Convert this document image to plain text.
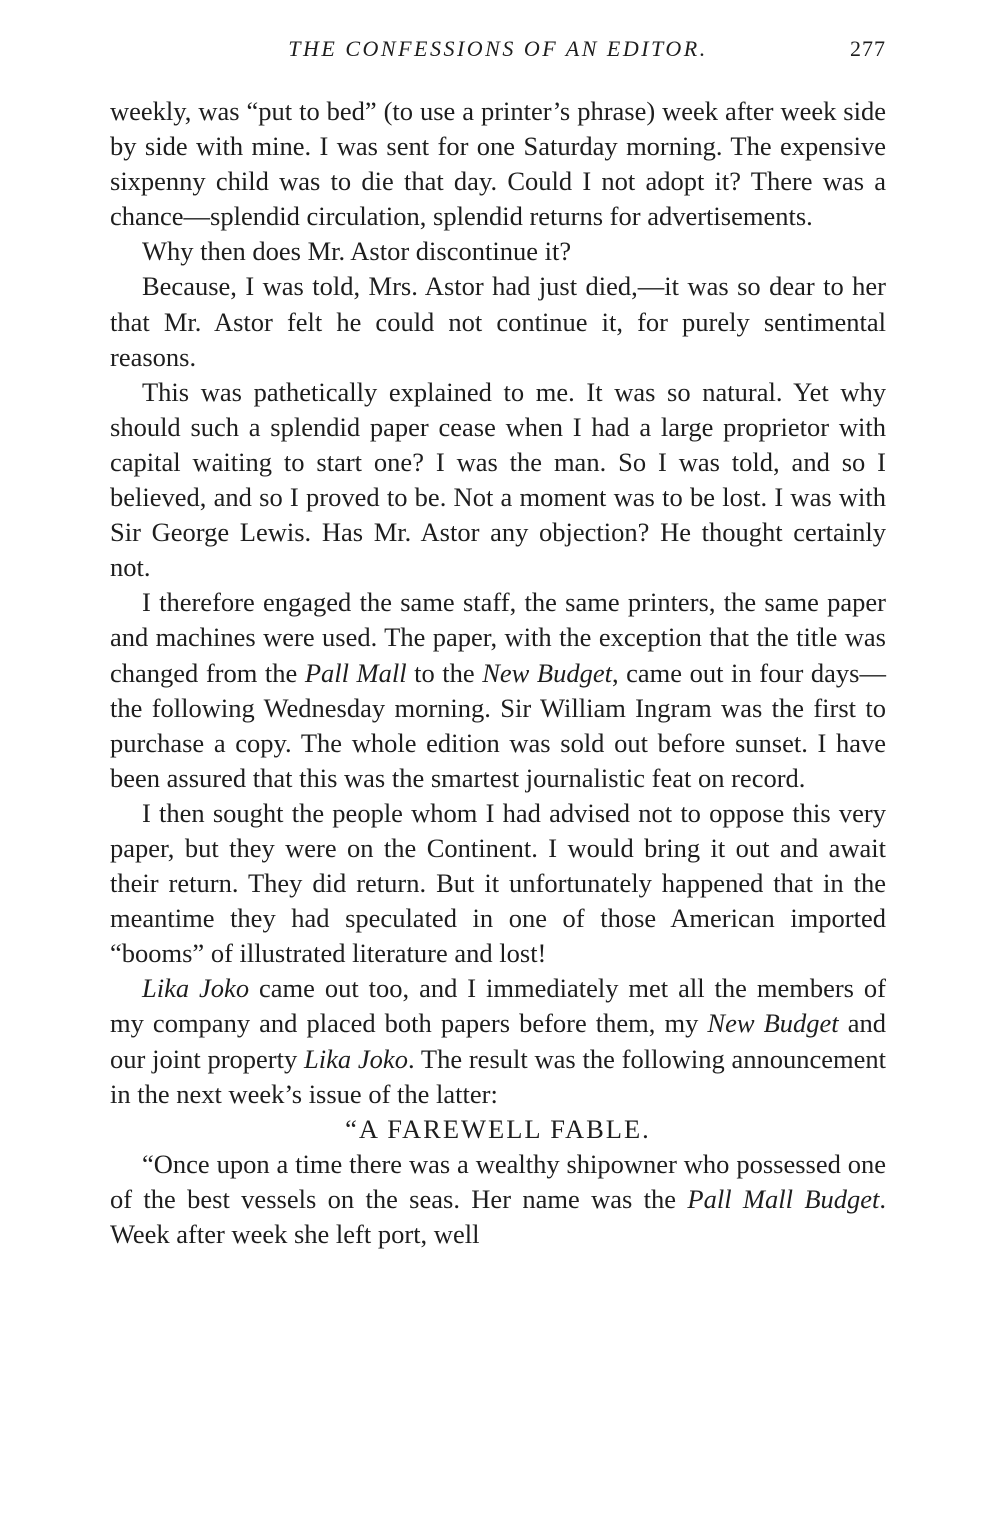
THE CONFESSIONS OF AN EDITOR.	277

weekly, was “put to bed” (to use a printer’s phrase) week after week side by side with mine. I was sent for one Saturday morning. The expensive sixpenny child was to die that day. Could I not adopt it? There was a chance—splendid circulation, splendid returns for advertisements.

Why then does Mr. Astor discontinue it?

Because, I was told, Mrs. Astor had just died,—it was so dear to her that Mr. Astor felt he could not continue it, for purely sentimental reasons.

This was pathetically explained to me. It was so natural. Yet why should such a splendid paper cease when I had a large proprietor with capital waiting to start one? I was the man. So I was told, and so I believed, and so I proved to be. Not a moment was to be lost. I was with Sir George Lewis. Has Mr. Astor any objection? He thought certainly not.

I therefore engaged the same staff, the same printers, the same paper and machines were used. The paper, with the exception that the title was changed from the Pall Mall to the New Budget, came out in four days—the following Wednesday morning. Sir William Ingram was the first to purchase a copy. The whole edition was sold out before sunset. I have been assured that this was the smartest journalistic feat on record.

I then sought the people whom I had advised not to oppose this very paper, but they were on the Continent. I would bring it out and await their return. They did return. But it unfortunately happened that in the meantime they had speculated in one of those American imported “booms” of illustrated literature and lost!

Lika Joko came out too, and I immediately met all the members of my company and placed both papers before them, my New Budget and our joint property Lika Joko. The result was the following announcement in the next week’s issue of the latter:

“A FAREWELL FABLE.

“Once upon a time there was a wealthy shipowner who possessed one of the best vessels on the seas. Her name was the Pall Mall Budget. Week after week she left port, well
